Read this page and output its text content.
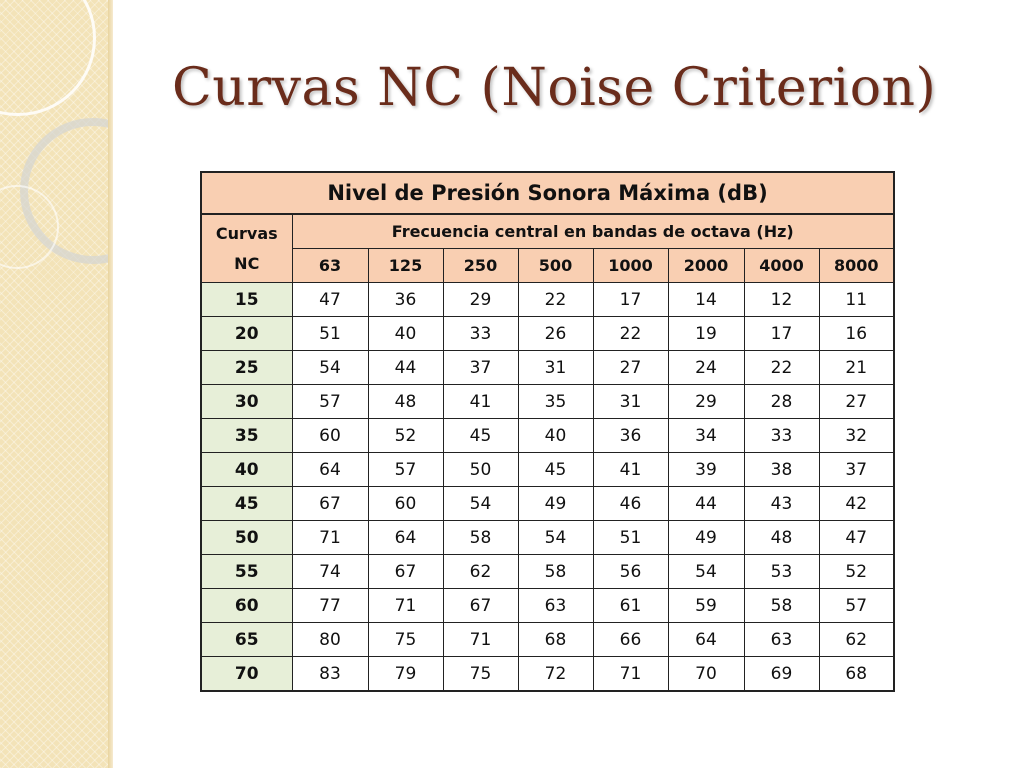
Curvas NC (Noise Criterion)
Nivel de Presión Sonora Máxima (dB)								
Curvas
NC	Frecuencia central en bandas de octava (Hz)							
	63	125	250	500	1000	2000	4000	8000
15	47	36	29	22	17	14	12	11
20	51	40	33	26	22	19	17	16
25	54	44	37	31	27	24	22	21
30	57	48	41	35	31	29	28	27
35	60	52	45	40	36	34	33	32
40	64	57	50	45	41	39	38	37
45	67	60	54	49	46	44	43	42
50	71	64	58	54	51	49	48	47
55	74	67	62	58	56	54	53	52
60	77	71	67	63	61	59	58	57
65	80	75	71	68	66	64	63	62
70	83	79	75	72	71	70	69	68
